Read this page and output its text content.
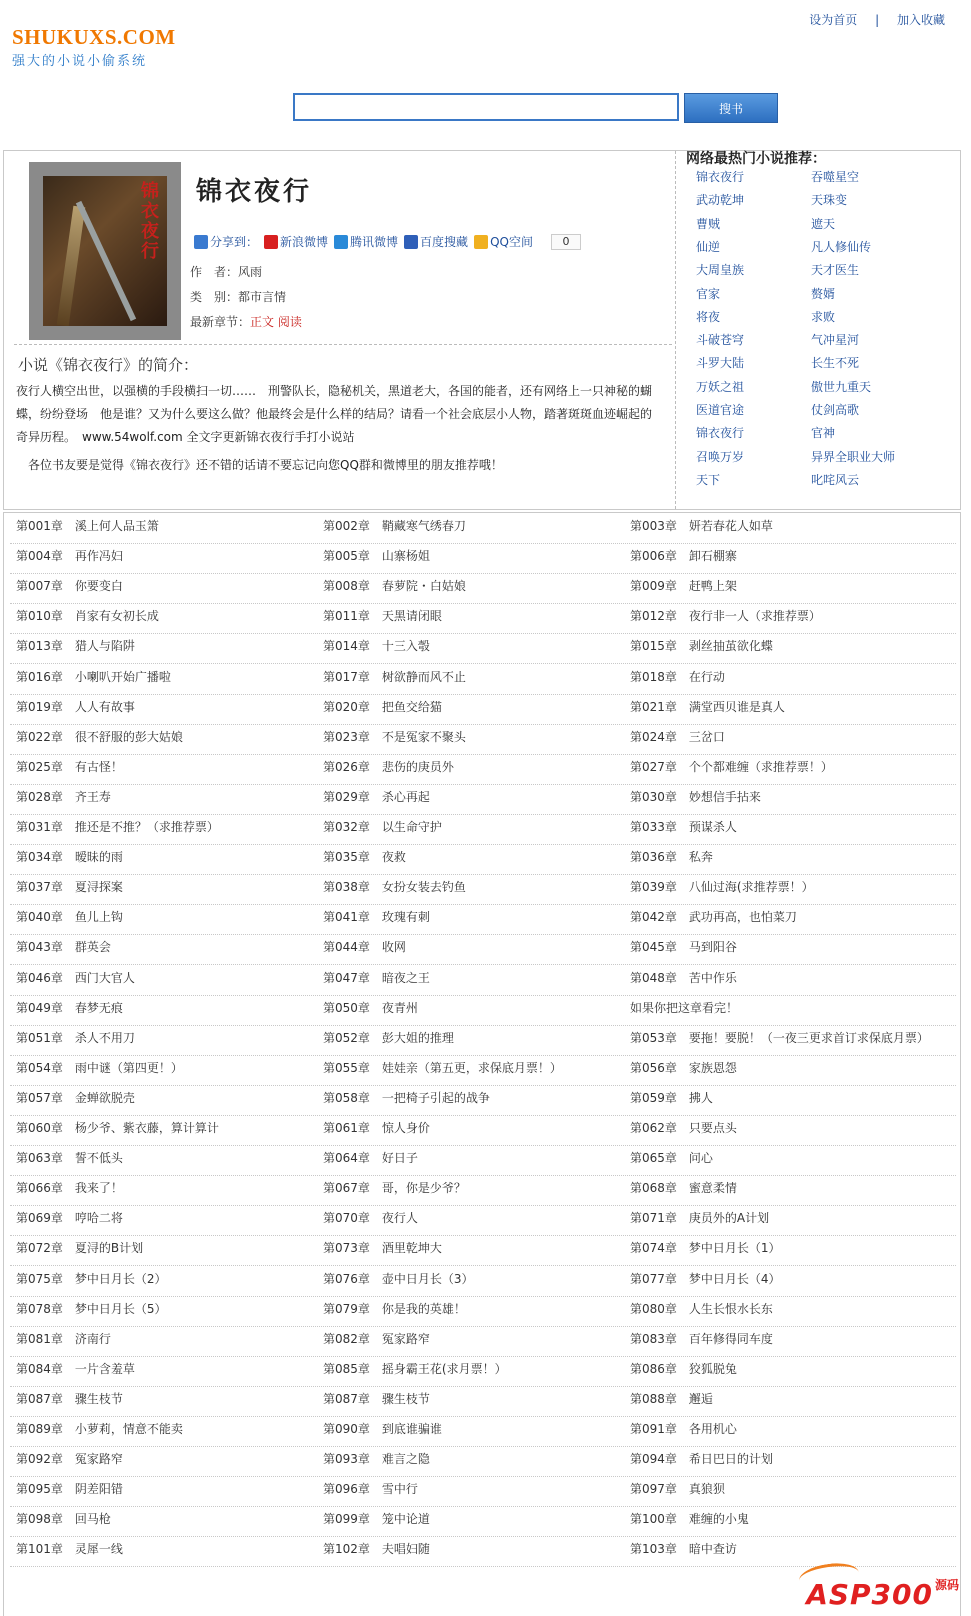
SHUKUXS.COM
强大的小说小偷系统
设为首页 | 加入收藏
搜书
锦衣夜行
锦衣夜行
分享到： 新浪微博 腾讯微博 百度搜藏 QQ空间	0
作　者：风雨
类　别：都市言情
最新章节：正文 阅读
小说《锦衣夜行》的简介：
夜行人横空出世，以强横的手段横扫一切……　刑警队长，隐秘机关，黑道老大，各国的能者，还有网络上一只神秘的蝴蝶，纷纷登场　他是谁？又为什么要这么做？他最终会是什么样的结局？请看一个社会底层小人物，踏著斑斑血迹崛起的奇异历程。　www.54wolf.com 全文字更新锦衣夜行手打小说站
各位书友要是觉得《锦衣夜行》还不错的话请不要忘记向您QQ群和微博里的朋友推荐哦！
网络最热门小说推荐：
锦衣夜行	吞噬星空
武动乾坤	天珠变
曹贼	遮天
仙逆	凡人修仙传
大周皇族	天才医生
官家	赘婿
将夜	求败
斗破苍穹	气冲星河
斗罗大陆	长生不死
万妖之祖	傲世九重天
医道官途	仗剑高歌
锦衣夜行	官神
召唤万岁	异界全职业大师
天下	叱咤风云
第001章　溪上何人品玉箫	第002章　鞘藏寒气绣春刀	第003章　妍若春花人如草
第004章　再作冯妇	第005章　山寨杨姐	第006章　卸石棚寨
第007章　你要变白	第008章　春萝院・白姑娘	第009章　赶鸭上架
第010章　肖家有女初长成	第011章　天黑请闭眼	第012章　夜行非一人（求推荐票）
第013章　猎人与陷阱	第014章　十三入彀	第015章　剥丝抽茧欲化蝶
第016章　小喇叭开始广播啦	第017章　树欲静而风不止	第018章　在行动
第019章　人人有故事	第020章　把鱼交给猫	第021章　满堂西贝谁是真人
第022章　很不舒服的彭大姑娘	第023章　不是冤家不聚头	第024章　三岔口
第025章　有古怪！	第026章　悲伤的庚员外	第027章　个个都难缠（求推荐票！）
第028章　齐王寿	第029章　杀心再起	第030章　妙想信手拈来
第031章　推还是不推？（求推荐票）	第032章　以生命守护	第033章　预谋杀人
第034章　暧昧的雨	第035章　夜救	第036章　私奔
第037章　夏浔探案	第038章　女扮女装去钓鱼	第039章　八仙过海(求推荐票！）
第040章　鱼儿上钩	第041章　玫瑰有刺	第042章　武功再高，也怕菜刀
第043章　群英会	第044章　收网	第045章　马到阳谷
第046章　西门大官人	第047章　暗夜之王	第048章　苦中作乐
第049章　春梦无痕	第050章　夜青州	如果你把这章看完！
第051章　杀人不用刀	第052章　彭大姐的推理	第053章　要拖！要脱！（一夜三更求首订求保底月票）
第054章　雨中谜（第四更！）	第055章　娃娃亲（第五更，求保底月票！）	第056章　家族恩怨
第057章　金蝉欲脱壳	第058章　一把椅子引起的战争	第059章　拂人
第060章　杨少爷、紫衣藤，算计算计	第061章　惊人身价	第062章　只要点头
第063章　誓不低头	第064章　好日子	第065章　问心
第066章　我来了！	第067章　哥，你是少爷？	第068章　蜜意柔情
第069章　哼哈二将	第070章　夜行人	第071章　庚员外的A计划
第072章　夏浔的B计划	第073章　酒里乾坤大	第074章　梦中日月长（1）
第075章　梦中日月长（2）	第076章　壶中日月长（3）	第077章　梦中日月长（4）
第078章　梦中日月长（5）	第079章　你是我的英雄！	第080章　人生长恨水长东
第081章　济南行	第082章　冤家路窄	第083章　百年修得同车度
第084章　一片含羞草	第085章　摇身霸王花(求月票！）	第086章　狡狐脱兔
第087章　骤生枝节	第087章　骤生枝节	第088章　邂逅
第089章　小萝莉，情意不能卖	第090章　到底谁骗谁	第091章　各用机心
第092章　冤家路窄	第093章　难言之隐	第094章　希日巴日的计划
第095章　阴差阳错	第096章　雪中行	第097章　真狼狈
第098章　回马枪	第099章　笼中论道	第100章　难缠的小鬼
第101章　灵犀一线	第102章　夫唱妇随	第103章　暗中查访
ASP300 源码
